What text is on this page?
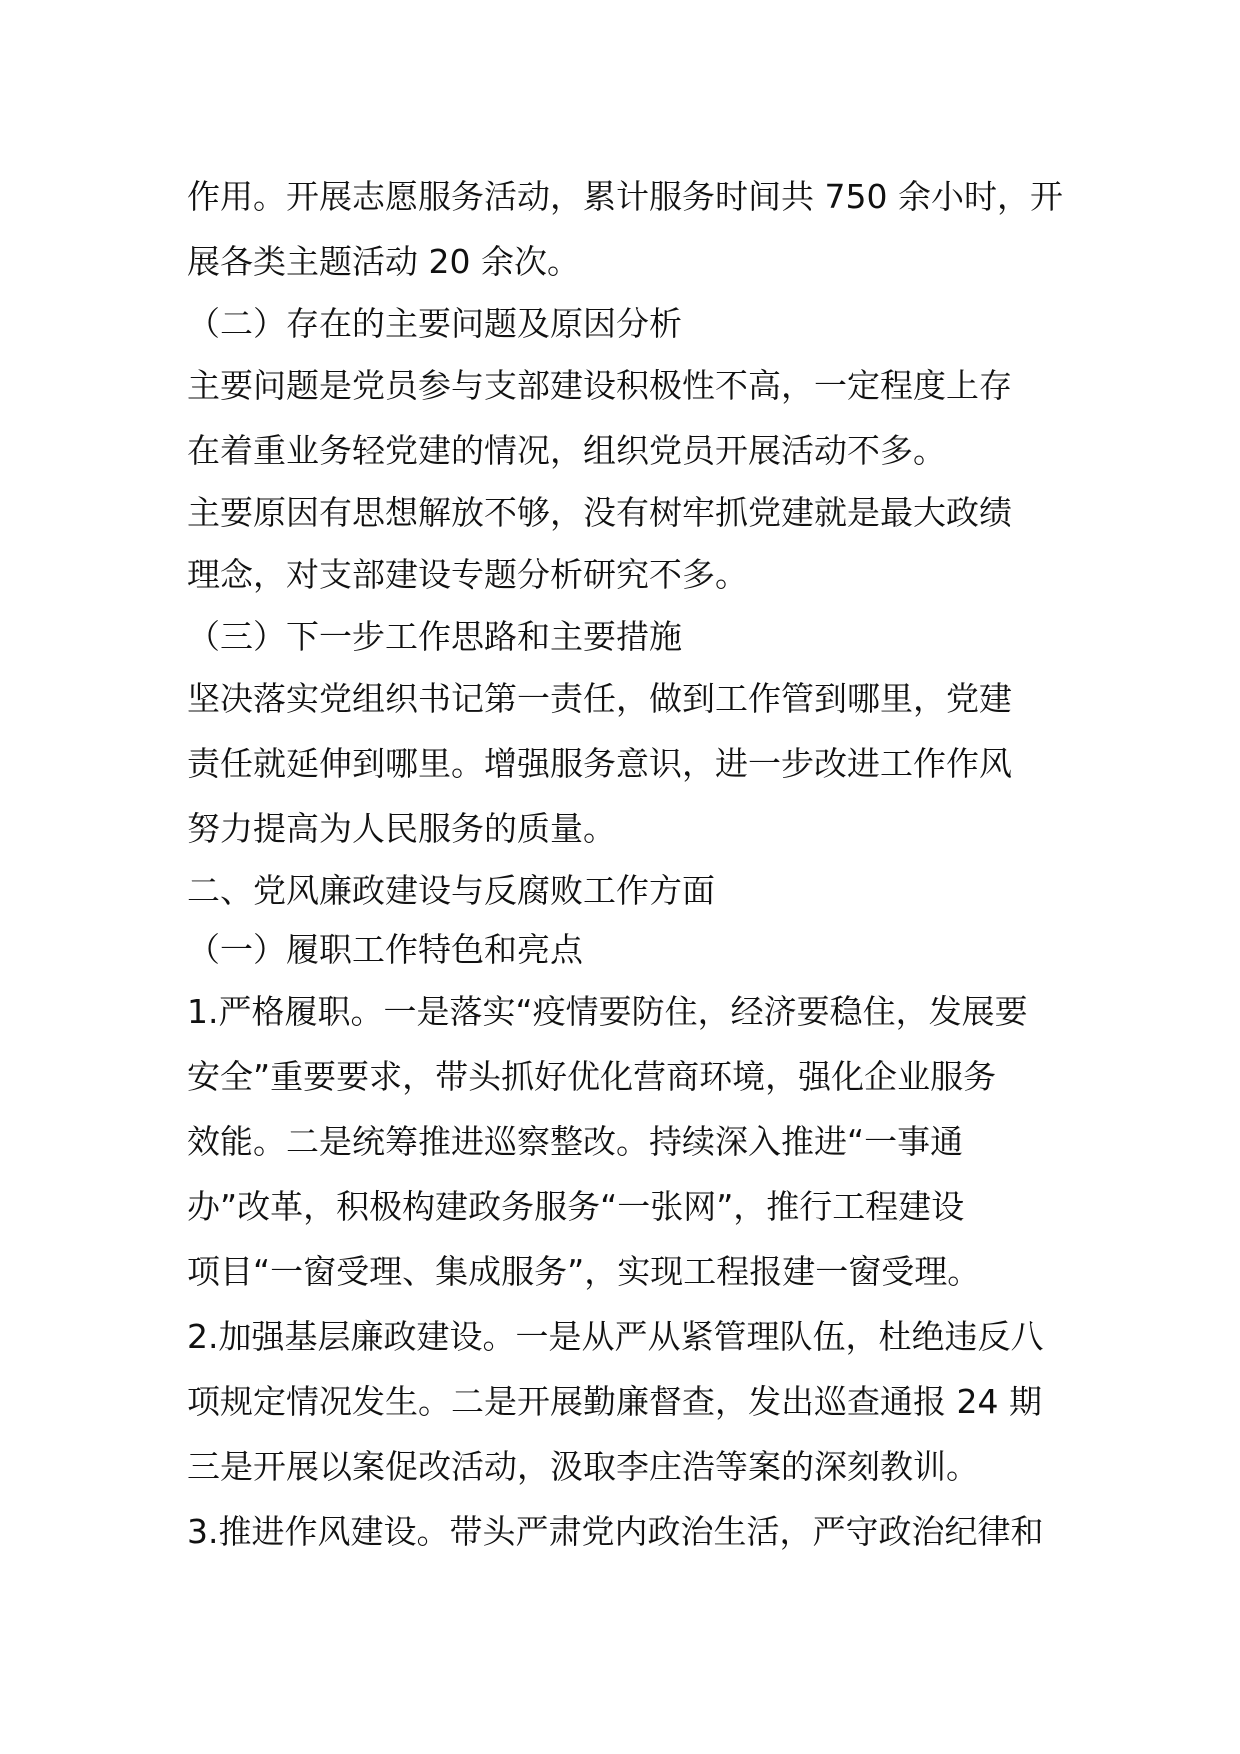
作用。开展志愿服务活动，累计服务时间共 750 余小时，开
展各类主题活动 20 余次。
（二）存在的主要问题及原因分析
主要问题是党员参与支部建设积极性不高，一定程度上存
在着重业务轻党建的情况，组织党员开展活动不多。
主要原因有思想解放不够，没有树牢抓党建就是最大政绩
理念，对支部建设专题分析研究不多。
（三）下一步工作思路和主要措施
坚决落实党组织书记第一责任，做到工作管到哪里，党建
责任就延伸到哪里。增强服务意识，进一步改进工作作风
努力提高为人民服务的质量。
二、党风廉政建设与反腐败工作方面
（一）履职工作特色和亮点
1.严格履职。一是落实“疫情要防住，经济要稳住，发展要
安全”重要要求，带头抓好优化营商环境，强化企业服务
效能。二是统筹推进巡察整改。持续深入推进“一事通
办”改革，积极构建政务服务“一张网”，推行工程建设
项目“一窗受理、集成服务”，实现工程报建一窗受理。
2.加强基层廉政建设。一是从严从紧管理队伍，杜绝违反八
项规定情况发生。二是开展勤廉督查，发出巡查通报 24 期
三是开展以案促改活动，汲取李庄浩等案的深刻教训。
3.推进作风建设。带头严肃党内政治生活，严守政治纪律和
